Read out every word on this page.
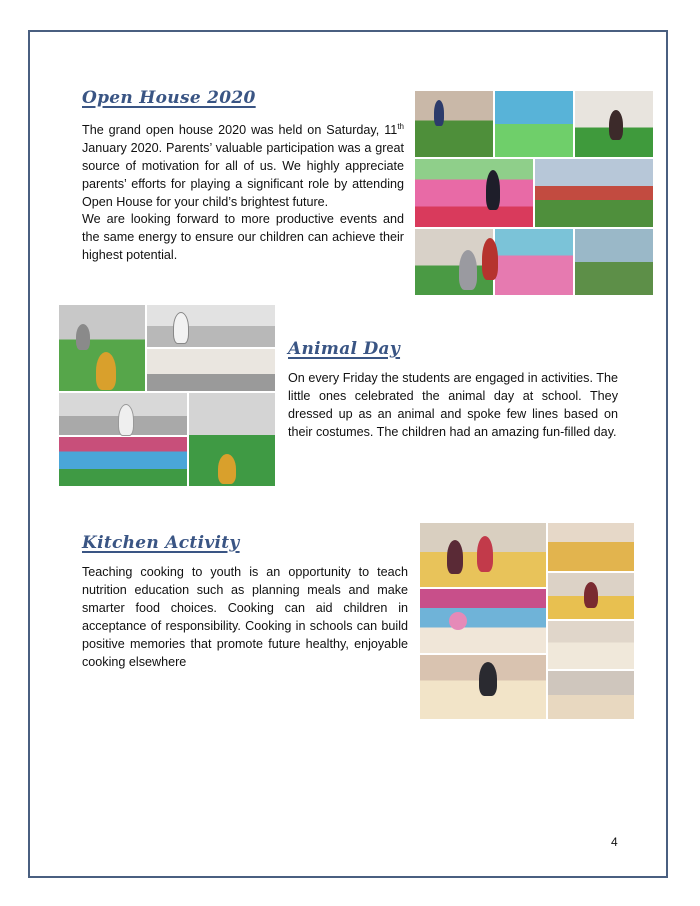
Open House 2020

The grand open house 2020 was held on Saturday, 11th January 2020. Parents’ valuable participation was a great source of motivation for all of us. We highly appreciate parents’ efforts for playing a significant role by attending Open House for your child’s brightest future.

We are looking forward to more productive events and the same energy to ensure our children can achieve their highest potential.

Animal Day

On every Friday the students are engaged in activities. The little ones celebrated the animal day at school. They dressed up as an animal and spoke few lines based on their costumes. The children had an amazing fun-filled day.

Kitchen Activity

Teaching cooking to youth is an opportunity to teach nutrition education such as planning meals and make smarter food choices. Cooking can aid children in acceptance of responsibility. Cooking in schools can build positive memories that promote future healthy, enjoyable cooking elsewhere

4
